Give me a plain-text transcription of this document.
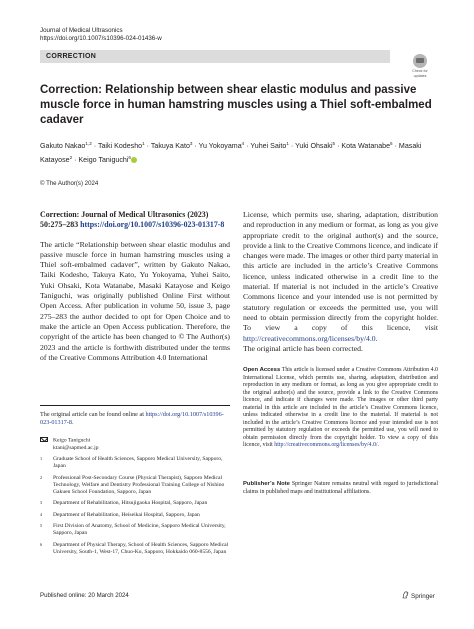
Journal of Medical Ultrasonics
https://doi.org/10.1007/s10396-024-01436-w
CORRECTION
Check for
updates
Correction: Relationship between shear elastic modulus and passive muscle force in human hamstring muscles using a Thiel soft-embalmed cadaver
Gakuto Nakao$^{1,2}$ · Taiki Kodesho$^1$ · Takuya Kato$^3$ · Yu Yokoyama$^4$ · Yuhei Saito$^1$ · Yuki Ohsaki$^5$ · Kota Watanabe$^6$ · Masaki Katayose$^2$ · Keigo Taniguchi$^6$
© The Author(s) 2024
Correction: Journal of Medical Ultrasonics (2023) 50:275–283 https://doi.org/10.1007/s10396-023-01317-8
The article “Relationship between shear elastic modulus and passive muscle force in human hamstring muscles using a Thiel soft-embalmed cadaver”, written by Gakuto Nakao, Taiki Kodesho, Takuya Kato, Yu Yokoyama, Yuhei Saito, Yuki Ohsaki, Kota Watanabe, Masaki Katayose and Keigo Taniguchi, was originally published Online First without Open Access. After publication in volume 50, issue 3, page 275–283 the author decided to opt for Open Choice and to make the article an Open Access publication. Therefore, the copyright of the article has been changed to © The Author(s) 2023 and the article is forthwith distributed under the terms of the Creative Commons Attribution 4.0 International
License, which permits use, sharing, adaptation, distribution and reproduction in any medium or format, as long as you give appropriate credit to the original author(s) and the source, provide a link to the Creative Commons licence, and indicate if changes were made. The images or other third party material in this article are included in the article’s Creative Commons licence, unless indicated otherwise in a credit line to the material. If material is not included in the article’s Creative Commons licence and your intended use is not permitted by statutory regulation or exceeds the permitted use, you will need to obtain permission directly from the copyright holder. To view a copy of this licence, visit http://creativecommons.org/licenses/by/4.0.
The original article has been corrected.
The original article can be found online at https://doi.org/10.1007/s10396-023-01317-8.
Keigo Taniguchi
ktani@sapmed.ac.jp
1 Graduate School of Health Sciences, Sapporo Medical University, Sapporo, Japan
2 Professional Post-Secondary Course (Physical Therapist), Sapporo Medical Technology, Welfare and Dentistry Professional Training College of Nishino Gakuen School Foundation, Sapporo, Japan
3 Department of Rehabilitation, Hitsujigaoka Hospital, Sapporo, Japan
4 Department of Rehabilitation, Heiseikai Hospital, Sapporo, Japan
5 First Division of Anatomy, School of Medicine, Sapporo Medical University, Sapporo, Japan
6 Department of Physical Therapy, School of Health Sciences, Sapporo Medical University, South-1, West-17, Chuo-Ku, Sapporo, Hokkaido 060-8556, Japan
Open Access This article is licensed under a Creative Commons Attribution 4.0 International License, which permits use, sharing, adaptation, distribution and reproduction in any medium or format, as long as you give appropriate credit to the original author(s) and the source, provide a link to the Creative Commons licence, and indicate if changes were made. The images or other third party material in this article are included in the article’s Creative Commons licence, unless indicated otherwise in a credit line to the material. If material is not included in the article’s Creative Commons licence and your intended use is not permitted by statutory regulation or exceeds the permitted use, you will need to obtain permission directly from the copyright holder. To view a copy of this licence, visit http://creativecommons.org/licenses/by/4.0/.
Publisher’s Note Springer Nature remains neutral with regard to jurisdictional claims in published maps and institutional affiliations.
Published online: 20 March 2024	Springer
